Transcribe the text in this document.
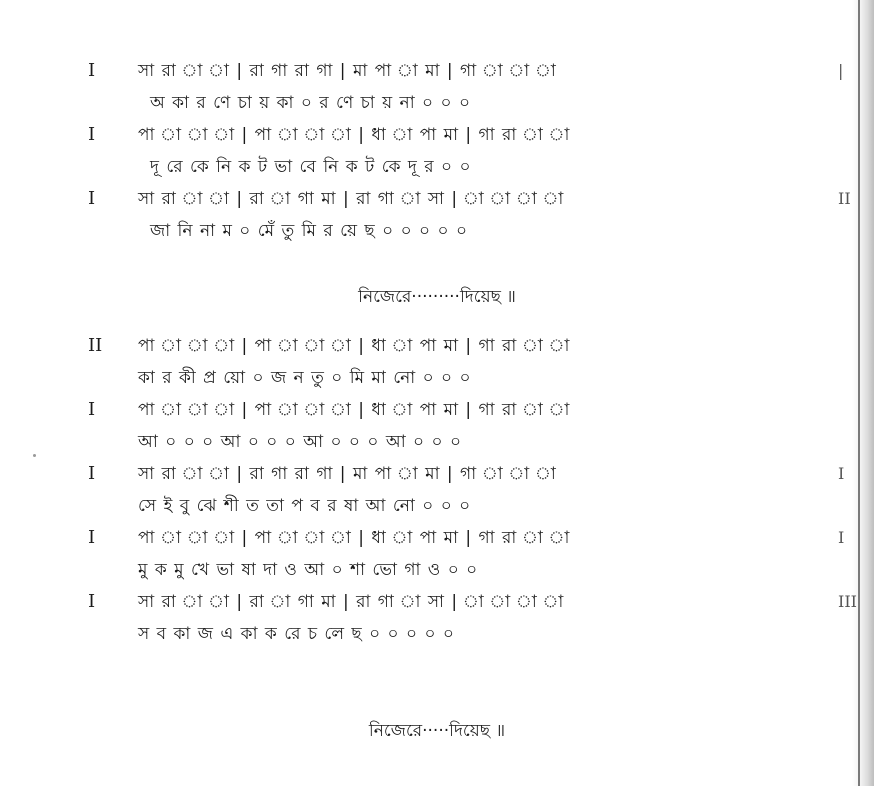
I	সা রা া া | রা গা রা গা | মা পা া মা | গা া া া	|
অ কা র ণে চা য় কা ০ র ণে চা য় না ০ ০ ০
I	পা া া া | পা া া া | ধা া পা মা | গা রা া া
দূ রে কে নি ক ট ভা বে নি ক ট কে দূ র ০ ০
I	সা রা া া | রা া গা মা | রা গা া সা | া া া া	II
জা নি না ম ০ মেঁ তু মি র য়ে ছ ০ ০ ০ ০ ০
নিজেরে·········দিয়েছ ॥
II পা া া া | পা া া া | ধা া পা মা | গা রা া া
কা র কী প্র য়ো ০ জ ন তু ০ মি মা নো ০ ০ ০
I	পা া া া | পা া া া | ধা া পা মা | গা রা া া
আ ০ ০ ০ আ ০ ০ ০ আ ০ ০ ০ আ ০ ০ ০
I	সা রা া া | রা গা রা গা | মা পা া মা | গা া া া	I
সে ই বু ঝে শী ত তা প ব র ষা আ নো ০ ০ ০
I	পা া া া | পা া া া | ধা া পা মা | গা রা া া	I
মু ক মু খে ভা ষা দা ও আ ০ শা ভো গা ও ০ ০
I	সা রা া া | রা া গা মা | রা গা া সা | া া া া	III
স ব কা জ এ কা ক রে চ লে ছ ০ ০ ০ ০ ০
নিজেরে·····দিয়েছ ॥
